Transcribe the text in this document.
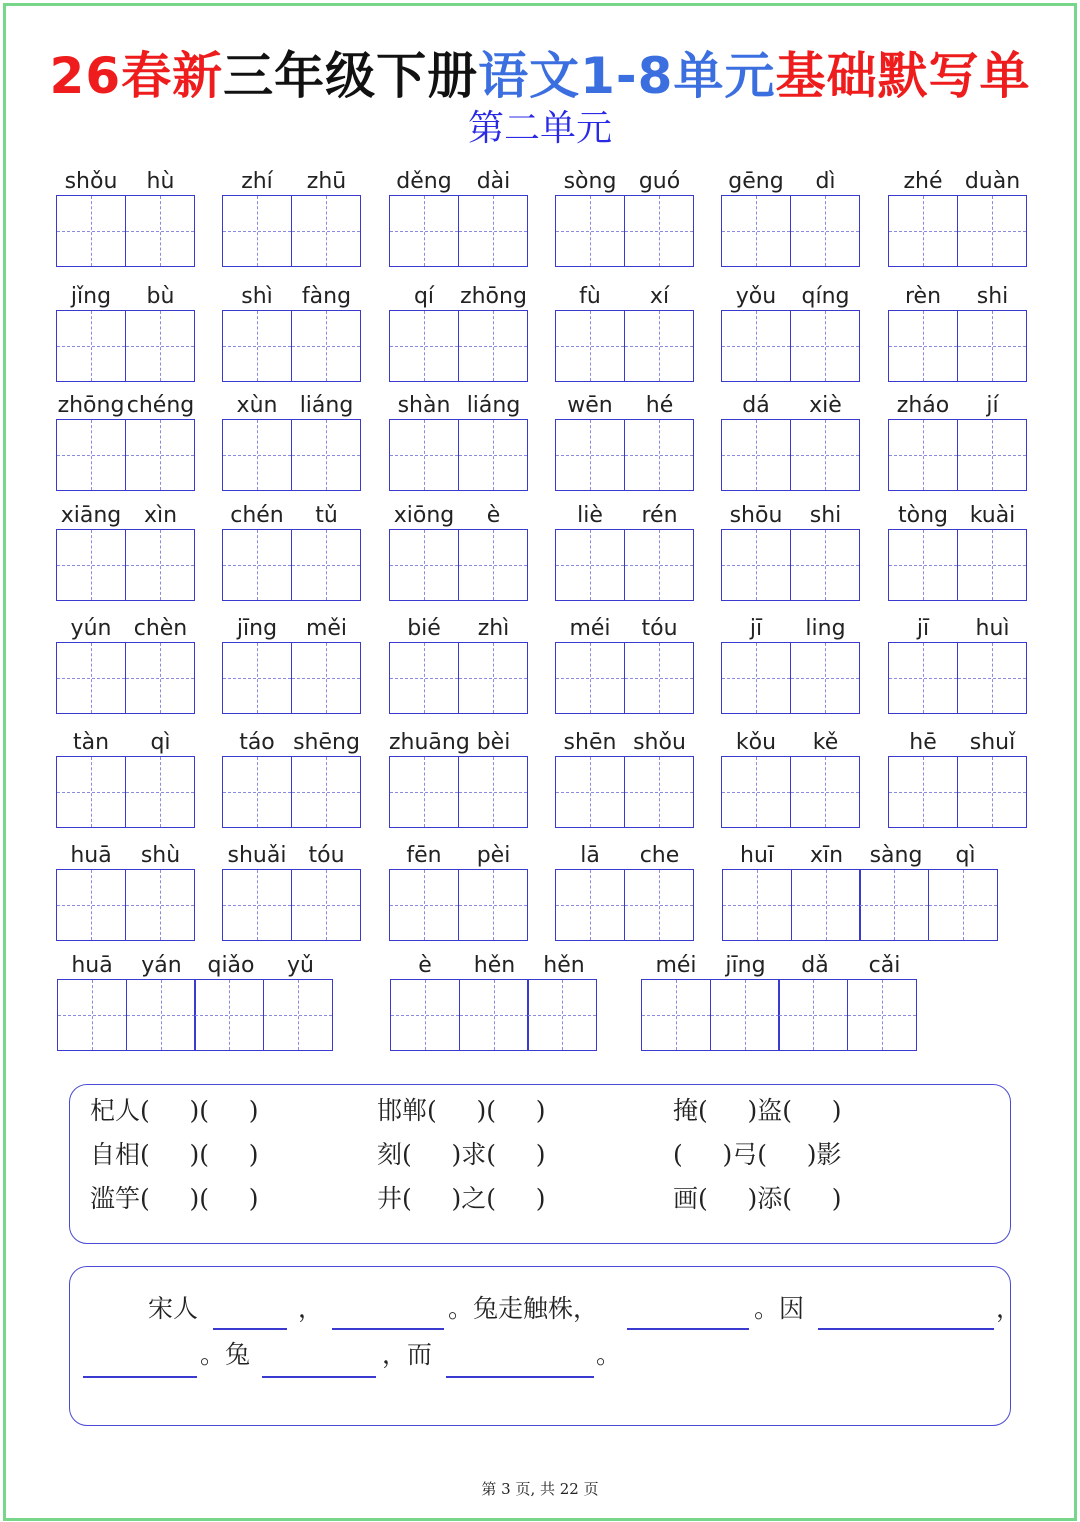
26春新三年级下册语文1-8单元基础默写单
第二单元
shǒu	hù	zhí	zhū	děng	dài	sòng	guó	gēng	dì	zhé	duàn
jǐng	bù	shì	fàng	qí	zhōng	fù	xí	yǒu	qíng	rèn	shi
zhōng chéng	xùn	liáng	shàn liáng	wēn	hé	dá	xiè	zháo	jí
xiāng	xìn	chén	tǔ	xiōng	è	liè	rén	shōu	shi	tòng kuài
yún	chèn	jīng	měi	bié	zhì	méi	tóu	jī	ling	jī	huì
tàn	qì	táo shēng zhuāng bèi	shēn shǒu	kǒu	kě	hē	shuǐ
huā	shù	shuǎi	tóu	fēn	pèi	lā	che	huī	xīn	sàng	qì
huā	yán	qiǎo	yǔ	è	hěn	hěn	méi	jīng	dǎ	cǎi
杞人(     )(     )	邯郸(     )(     )	掩(     )盗(     )
自相(     )(     )	刻(     )求(     )	(     )弓(     )影
滥竽(     )(     )	井(     )之(     )	画(     )添(     )
宋人	，	。兔走触株，	。因	，
。兔	，而	。
第 3 页, 共 22 页
